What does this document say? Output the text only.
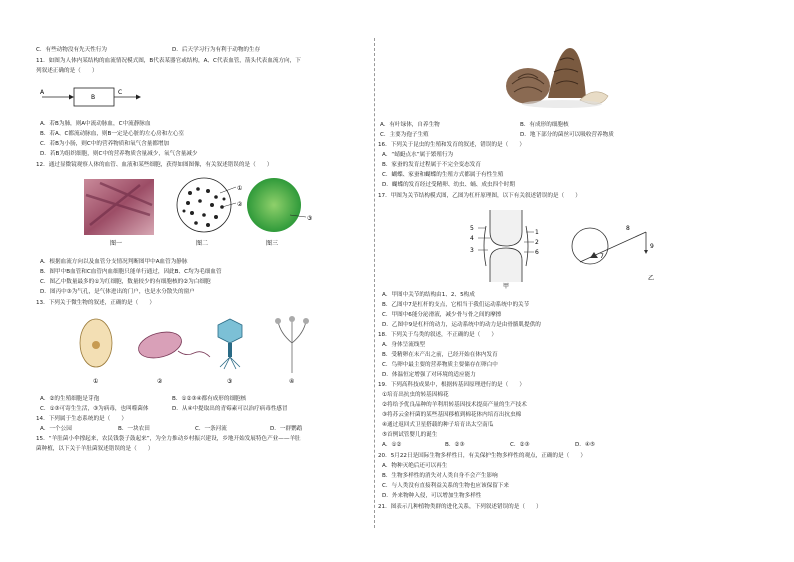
C．有些动物没有先天性行为	D．后天学习行为有利于动物的生存
11．如图为人体内某结构的血流情况模式图，B代表某器官或结构，A、C代表血管，箭头代表血流方向，下
列叙述正确的是（　　）
A
B
C
A．若B为肺，则A中流动脉血，C中流静脉血
B．若A、C都流动脉血，则B一定是心脏的左心房和左心室
C．若B为小肠，则C中的营养物质和氧气含量都增加
D．若B为组织细胞，则C中的营养物质含量减少，氧气含量减少
12．通过显微镜观察人体的血管、血液和某些细胞，获得如图图像，有关叙述错误的是（　　）
图一
①
②
图二
③
图三
A．根据血流方向以及血管分支情况判断图甲中A血管为静脉
B．图甲中B血管和C血管内血细胞只能单行通过，因此B、C均为毛细血管
C．图乙中数量最多的①为红细胞，数量较少的有细胞核的②为白细胞
D．图丙中③为气孔，是气体进出的门户，也是水分散失的窗户
13．下列关于微生物的叙述，正确的是（　　）
①	②	③	④
A．②的生殖细胞是芽孢	B．①②③④都有成形的细胞核
C．①③可寄生生活，③为病毒，也叫噬菌体	D．从④中提取出的青霉素可以治疗病毒性感冒
14．下列属于生态系统的是（　　）
A．一个公园	B．一块农田	C．一条河流	D．一群鹦鹉
15．“羊肚菌小伞撑起来，农民钱袋子鼓起来”，为全力推动乡村振兴建设，乡地开始发展特色产业——羊肚
菌种植，以下关于羊肚菌叙述错误的是（　　）
A．有叶绿体，自养生物	B．有成形的细胞核
C．主要为孢子生殖	D．地下部分的菌丝可以吸收营养物质
16．下列关于昆虫的生殖和发育的叙述，错误的是（　　）
A．“蜻蜓点水”属于繁殖行为
B．家蚕的发育过程属于不完全变态发育
C．蝴蝶、家蚕和蝴蝶的生殖方式都属于有性生殖
D．蝴蝶的发育经过受精卵、幼虫、蛹、成虫四个时期
17．甲图为关节结构模式图，乙图为杠杆原理图，以下有关叙述错误的是（　　）
5
4
3
1
2
6
甲
8
9
7
乙
A．甲图中关节的结构由1、2、5构成
B．乙图中7是杠杆的支点，它相当于我们运动系统中的关节
C．甲图中6能分泌滑液，减少骨与骨之间的摩擦
D．乙图中9是杠杆的动力，运动系统中的动力是由骨骼肌提供的
18．下列关于鸟类的叙述，不正确的是（　　）
A．身体呈流线型
B．受精卵在未产出之前，已经开始在体内发育
C．鸟卵中最主要的营养物质主要储存在卵白中
D．体温恒定增强了对环境的适应能力
19．下列高科技成果中，根据转基因原理进行的是（　　）
①培育出抗虫的转基因棉花
②将给予优良品种的羊利用转基因技术提高产量的生产技术
③将苏云金杆菌的某些基因移植到棉花体内培育出抗虫棉
④通过返回式卫星搭载的种子培育出太空南瓜
⑤首例试管婴儿的诞生
A．①②	B．②③	C．②③	D．④⑤
20．5月22日是国际生物多样性日，有关保护生物多样性的观点，正确的是（　　）
A．物种灭绝后还可以再生
B．生物多样性的消失对人类自身不会产生影响
C．与人类没有直接利益关系的生物也应该保留下来
D．外来物种入侵，可以增加生物多样性
21．图表示几种植物类群的进化关系，下列叙述错误的是（　　）
